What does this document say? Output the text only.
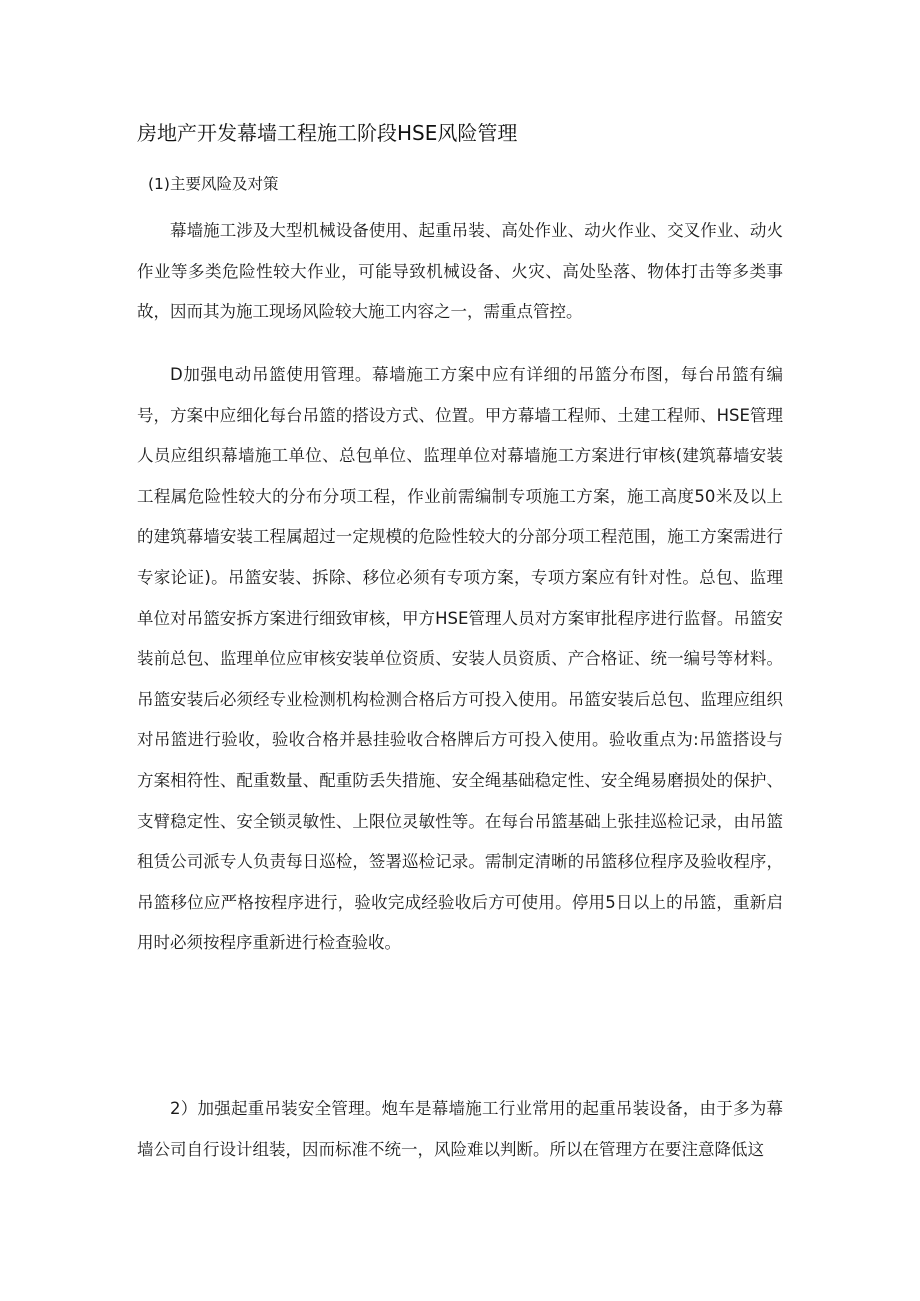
房地产开发幕墙工程施工阶段HSE风险管理
(1)主要风险及对策

幕墙施工涉及大型机械设备使用、起重吊装、高处作业、动火作业、交叉作业、动火作业等多类危险性较大作业，可能导致机械设备、火灾、高处坠落、物体打击等多类事故，因而其为施工现场风险较大施工内容之一，需重点管控。

D加强电动吊篮使用管理。幕墙施工方案中应有详细的吊篮分布图，每台吊篮有编号，方案中应细化每台吊篮的搭设方式、位置。甲方幕墙工程师、土建工程师、HSE管理人员应组织幕墙施工单位、总包单位、监理单位对幕墙施工方案进行审核(建筑幕墙安装工程属危险性较大的分布分项工程，作业前需编制专项施工方案，施工高度50米及以上的建筑幕墙安装工程属超过一定规模的危险性较大的分部分项工程范围，施工方案需进行专家论证)。吊篮安装、拆除、移位必须有专项方案，专项方案应有针对性。总包、监理单位对吊篮安拆方案进行细致审核，甲方HSE管理人员对方案审批程序进行监督。吊篮安装前总包、监理单位应审核安装单位资质、安装人员资质、产合格证、统一编号等材料。吊篮安装后必须经专业检测机构检测合格后方可投入使用。吊篮安装后总包、监理应组织对吊篮进行验收，验收合格并悬挂验收合格牌后方可投入使用。验收重点为:吊篮搭设与方案相符性、配重数量、配重防丢失措施、安全绳基础稳定性、安全绳易磨损处的保护、支臂稳定性、安全锁灵敏性、上限位灵敏性等。在每台吊篮基础上张挂巡检记录，由吊篮租赁公司派专人负责每日巡检，签署巡检记录。需制定清晰的吊篮移位程序及验收程序，吊篮移位应严格按程序进行，验收完成经验收后方可使用。停用5日以上的吊篮，重新启用时必须按程序重新进行检查验收。

2）加强起重吊装安全管理。炮车是幕墙施工行业常用的起重吊装设备，由于多为幕墙公司自行设计组装，因而标准不统一，风险难以判断。所以在管理方在要注意降低这
